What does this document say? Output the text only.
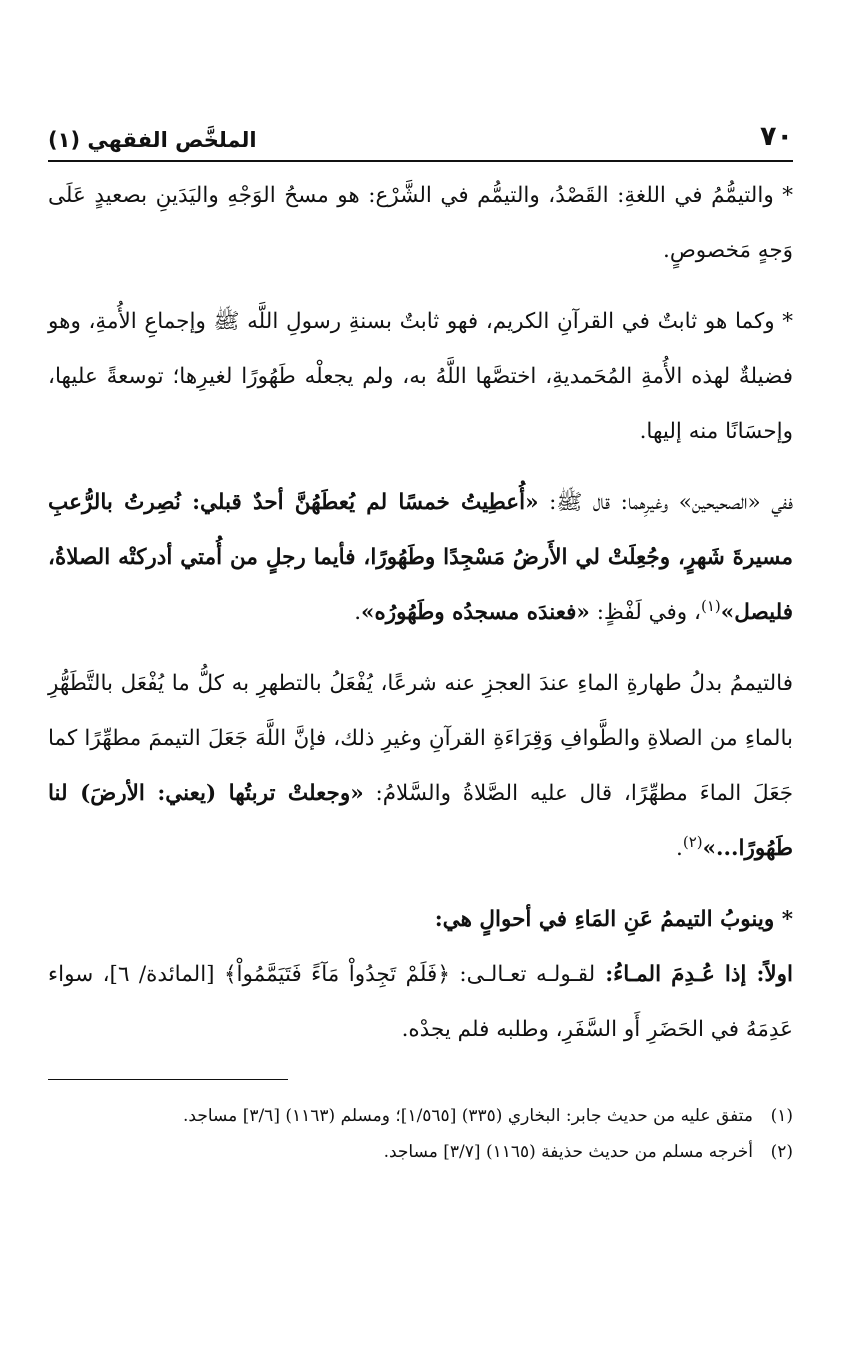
٧٠
الملخَّص الفقهي (١)

* والتيمُّمُ في اللغةِ: القَصْدُ، والتيمُّم في الشَّرْع: هو مسحُ الوَجْهِ واليَدَينِ بصعيدٍ عَلَى وَجهٍ مَخصوصٍ.

* وكما هو ثابتٌ في القرآنِ الكريم، فهو ثابتٌ بسنةِ رسولِ اللَّه ﷺ وإجماعِ الأُمةِ، وهو فضيلةٌ لهذه الأُمةِ المُحَمديةِ، اختصَّها اللَّهُ به، ولم يجعلْه طَهُورًا لغيرِها؛ توسعةً عليها، وإحسَانًا منه إليها.

ففي «الصحيحين» وغيرِهما: قال ﷺ: «أُعطِيتُ خمسًا لم يُعطَهُنَّ أحدٌ قبلي: نُصِرتُ بالرُّعبِ مسيرةَ شَهرٍ، وجُعِلَتْ لي الأَرضُ مَسْجِدًا وطَهُورًا، فأيما رجلٍ من أُمتي أدركتْه الصلاةُ، فليصل»$^{(١)}$، وفي لَفْظٍ: «فعندَه مسجدُه وطَهُورُه».

فالتيممُ بدلُ طهارةِ الماءِ عندَ العجزِ عنه شرعًا، يُفْعَلُ بالتطهرِ به كلُّ ما يُفْعَل بالتَّطَهُّرِ بالماءِ من الصلاةِ والطَّوافِ وَقِرَاءَةِ القرآنِ وغيرِ ذلك، فإنَّ اللَّهَ جَعَلَ التيممَ مطهِّرًا كما جَعَلَ الماءَ مطهِّرًا، قال عليه الصَّلاةُ والسَّلامُ: «وجعلتْ تربتُها (يعني: الأرضَ) لنا طَهُورًا...»$^{(٢)}$.

* وينوبُ التيممُ عَنِ المَاءِ في أحوالٍ هي:

اولاً: إذا عُـدِمَ المـاءُ: لقـولـه تعـالـى: ﴿فَلَمْ تَجِدُواْ مَآءً فَتَيَمَّمُواْ﴾ [المائدة/ ٦]، سواء عَدِمَهُ في الحَضَرِ أَو السَّفَرِ، وطلبه فلم يجدْه.

(١)متفق عليه من حديث جابر: البخاري (٣٣٥) [١/٥٦٥]؛ ومسلم (١١٦٣) [٣/٦] مساجد.

(٢)أخرجه مسلم من حديث حذيفة (١١٦٥) [٣/٧] مساجد.
